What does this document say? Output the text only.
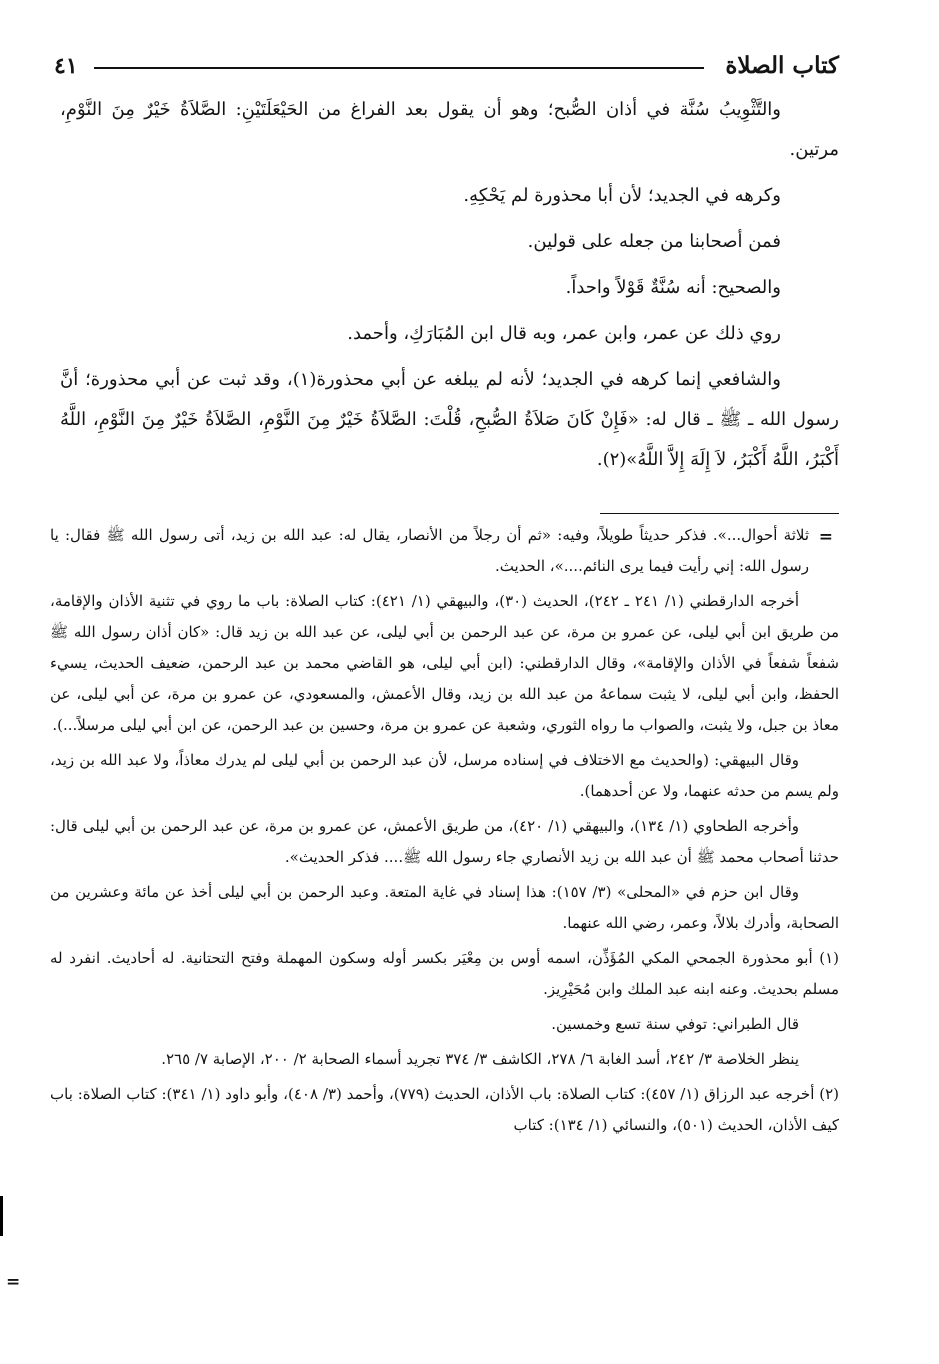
٤١	كتاب الصلاة

والتَّثْوِيبُ سُنَّة في أذان الصُّبح؛ وهو أن يقول بعد الفراغ من الحَيْعَلَتَيْنِ: الصَّلاَةُ خَيْرٌ مِنَ النَّوْمِ، مرتين.

وكرهه في الجديد؛ لأن أبا محذورة لم يَحْكِهِ.

فمن أصحابنا من جعله على قولين.

والصحيح: أنه سُنَّةٌ قَوْلاً واحداً.

روي ذلك عن عمر، وابن عمر، وبه قال ابن المُبَارَكِ، وأحمد.

والشافعي إنما كرهه في الجديد؛ لأنه لم يبلغه عن أبي محذورة(١)، وقد ثبت عن أبي محذورة؛ أنَّ رسول الله ـ ﷺ ـ قال له: «فَإِنْ كَانَ صَلاَةُ الصُّبحِ، قُلْتَ: الصَّلاَةُ خَيْرٌ مِنَ النَّوْمِ، الصَّلاَةُ خَيْرٌ مِنَ النَّوْمِ، اللَّهُ أَكْبَرُ، اللَّهُ أَكْبَرُ، لاَ إِلَهَ إِلاَّ اللَّهُ»(٢).

=

ثلاثة أحوال...». فذكر حديثاً طويلاً، وفيه: «ثم أن رجلاً من الأنصار، يقال له: عبد الله بن زيد، أتى رسول الله ﷺ فقال: يا رسول الله: إني رأيت فيما يرى النائم....»، الحديث.

أخرجه الدارقطني (١/ ٢٤١ ـ ٢٤٢)، الحديث (٣٠)، والبيهقي (١/ ٤٢١): كتاب الصلاة: باب ما روي في تثنية الأذان والإقامة، من طريق ابن أبي ليلى، عن عمرو بن مرة، عن عبد الرحمن بن أبي ليلى، عن عبد الله بن زيد قال: «كان أذان رسول الله ﷺ شفعاً شفعاً في الأذان والإقامة»، وقال الدارقطني: (ابن أبي ليلى، هو القاضي محمد بن عبد الرحمن، ضعيف الحديث، يسيء الحفظ، وابن أبي ليلى، لا يثبت سماعهُ من عبد الله بن زيد، وقال الأعمش، والمسعودي، عن عمرو بن مرة، عن أبي ليلى، عن معاذ بن جبل، ولا يثبت، والصواب ما رواه الثوري، وشعبة عن عمرو بن مرة، وحسين بن عبد الرحمن، عن ابن أبي ليلى مرسلاً...).

وقال البيهقي: (والحديث مع الاختلاف في إسناده مرسل، لأن عبد الرحمن بن أبي ليلى لم يدرك معاذاً، ولا عبد الله بن زيد، ولم يسم من حدثه عنهما، ولا عن أحدهما).

وأخرجه الطحاوي (١/ ١٣٤)، والبيهقي (١/ ٤٢٠)، من طريق الأعمش، عن عمرو بن مرة، عن عبد الرحمن بن أبي ليلى قال: حدثنا أصحاب محمد ﷺ أن عبد الله بن زيد الأنصاري جاء رسول الله ﷺ.... فذكر الحديث».

وقال ابن حزم في «المحلى» (٣/ ١٥٧): هذا إسناد في غاية المتعة. وعبد الرحمن بن أبي ليلى أخذ عن مائة وعشرين من الصحابة، وأدرك بلالاً، وعمر، رضي الله عنهما.

(١) أبو محذورة الجمحي المكي المُؤَذِّن، اسمه أوس بن مِعْيَر بكسر أوله وسكون المهملة وفتح التحتانية. له أحاديث. انفرد له مسلم بحديث. وعنه ابنه عبد الملك وابن مُحَيْرِيز.

قال الطبراني: توفي سنة تسع وخمسين.

ينظر الخلاصة ٣/ ٢٤٢، أسد الغابة ٦/ ٢٧٨، الكاشف ٣/ ٣٧٤ تجريد أسماء الصحابة ٢/ ٢٠٠، الإصابة ٧/ ٢٦٥.

(٢) أخرجه عبد الرزاق (١/ ٤٥٧): كتاب الصلاة: باب الأذان، الحديث (٧٧٩)، وأحمد (٣/ ٤٠٨)، وأبو داود (١/ ٣٤١): كتاب الصلاة: باب كيف الأذان، الحديث (٥٠١)، والنسائي (١/ ١٣٤): كتاب

=
